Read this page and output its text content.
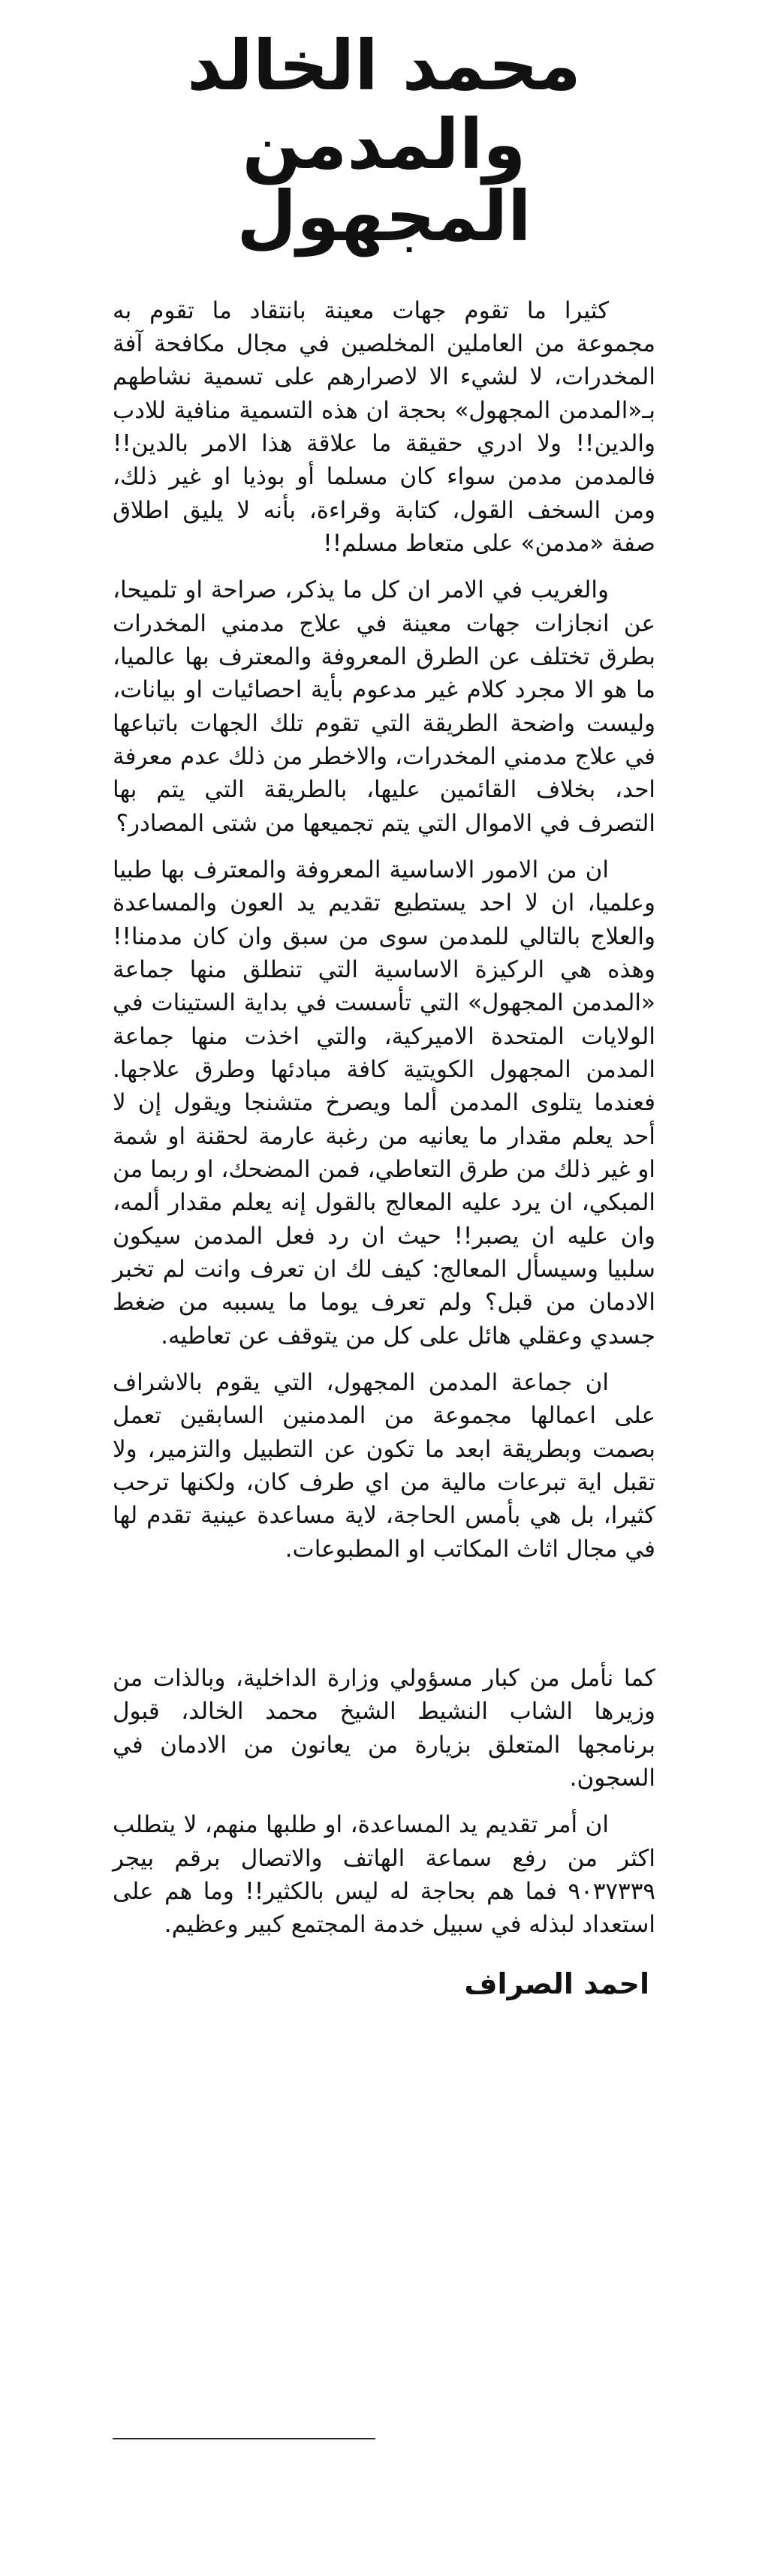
محمد الخالد
والمدمن المجهول

كثيرا ما تقوم جهات معينة بانتقاد ما تقوم به مجموعة من العاملين المخلصين في مجال مكافحة آفة المخدرات، لا لشيء الا لاصرارهم على تسمية نشاطهم بـ«المدمن المجهول» بحجة ان هذه التسمية منافية للادب والدين!! ولا ادري حقيقة ما علاقة هذا الامر بالدين!! فالمدمن مدمن سواء كان مسلما أو بوذيا او غير ذلك، ومن السخف القول، كتابة وقراءة، بأنه لا يليق اطلاق صفة «مدمن» على متعاط مسلم!!

والغريب في الامر ان كل ما يذكر، صراحة او تلميحا، عن انجازات جهات معينة في علاج مدمني المخدرات بطرق تختلف عن الطرق المعروفة والمعترف بها عالميا، ما هو الا مجرد كلام غير مدعوم بأية احصائيات او بيانات، وليست واضحة الطريقة التي تقوم تلك الجهات باتباعها في علاج مدمني المخدرات، والاخطر من ذلك عدم معرفة احد، بخلاف القائمين عليها، بالطريقة التي يتم بها التصرف في الاموال التي يتم تجميعها من شتى المصادر؟

ان من الامور الاساسية المعروفة والمعترف بها طبيا وعلميا، ان لا احد يستطيع تقديم يد العون والمساعدة والعلاج بالتالي للمدمن سوى من سبق وان كان مدمنا!! وهذه هي الركيزة الاساسية التي تنطلق منها جماعة «المدمن المجهول» التي تأسست في بداية الستينات في الولايات المتحدة الاميركية، والتي اخذت منها جماعة المدمن المجهول الكويتية كافة مبادئها وطرق علاجها. فعندما يتلوى المدمن ألما ويصرخ متشنجا ويقول إن لا أحد يعلم مقدار ما يعانيه من رغبة عارمة لحقنة او شمة او غير ذلك من طرق التعاطي، فمن المضحك، او ربما من المبكي، ان يرد عليه المعالج بالقول إنه يعلم مقدار ألمه، وان عليه ان يصبر!! حيث ان رد فعل المدمن سيكون سلبيا وسيسأل المعالج: كيف لك ان تعرف وانت لم تخبر الادمان من قبل؟ ولم تعرف يوما ما يسببه من ضغط جسدي وعقلي هائل على كل من يتوقف عن تعاطيه.

ان جماعة المدمن المجهول، التي يقوم بالاشراف على اعمالها مجموعة من المدمنين السابقين تعمل بصمت وبطريقة ابعد ما تكون عن التطبيل والتزمير، ولا تقبل اية تبرعات مالية من اي طرف كان، ولكنها ترحب كثيرا، بل هي بأمس الحاجة، لاية مساعدة عينية تقدم لها في مجال اثاث المكاتب او المطبوعات.

كما نأمل من كبار مسؤولي وزارة الداخلية، وبالذات من وزيرها الشاب النشيط الشيخ محمد الخالد، قبول برنامجها المتعلق بزيارة من يعانون من الادمان في السجون.

ان أمر تقديم يد المساعدة، او طلبها منهم، لا يتطلب اكثر من رفع سماعة الهاتف والاتصال برقم بيجر ٩٠٣٧٣٣٩ فما هم بحاجة له ليس بالكثير!! وما هم على استعداد لبذله في سبيل خدمة المجتمع كبير وعظيم.

احمد الصراف
